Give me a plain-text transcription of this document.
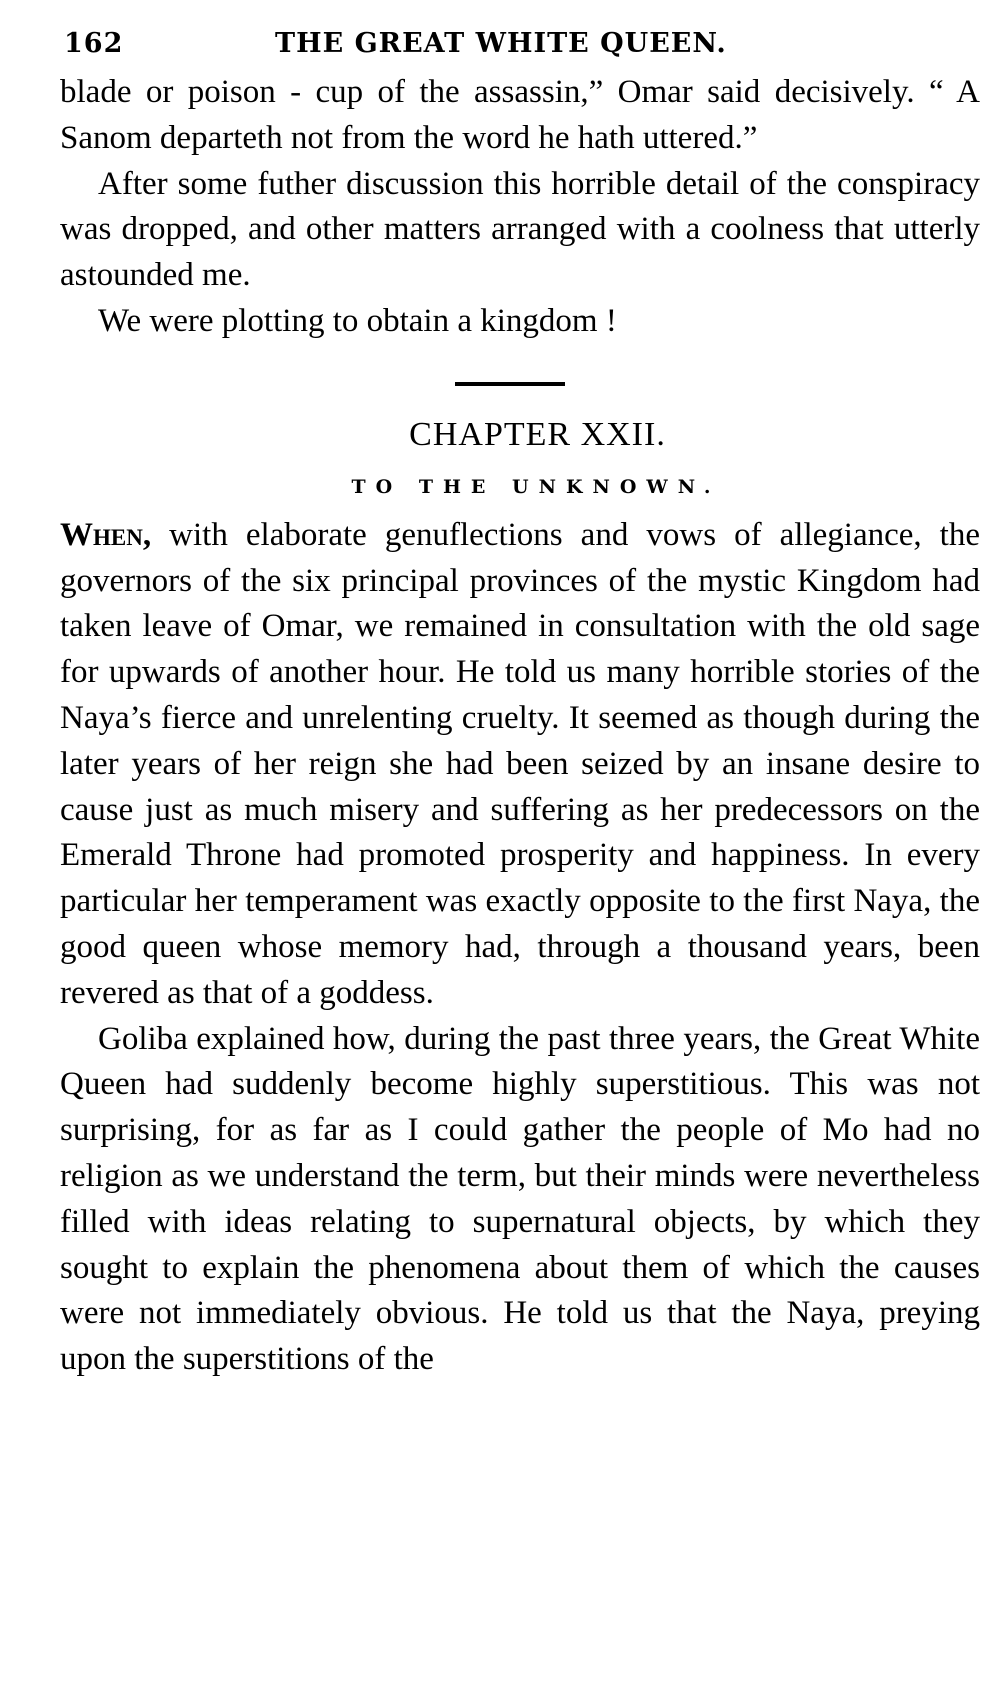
162	THE GREAT WHITE QUEEN.

blade or poison - cup of the assassin,” Omar said decisively. “ A Sanom departeth not from the word he hath uttered.”

After some futher discussion this horrible detail of the conspiracy was dropped, and other matters arranged with a coolness that utterly astounded me.

We were plotting to obtain a kingdom !

CHAPTER XXII.
TO THE UNKNOWN.

When, with elaborate genuflections and vows of allegiance, the governors of the six principal provinces of the mystic Kingdom had taken leave of Omar, we remained in consultation with the old sage for upwards of another hour. He told us many horrible stories of the Naya’s fierce and unrelenting cruelty. It seemed as though during the later years of her reign she had been seized by an insane desire to cause just as much misery and suffering as her predecessors on the Emerald Throne had promoted prosperity and happiness. In every particular her temperament was exactly opposite to the first Naya, the good queen whose memory had, through a thousand years, been revered as that of a goddess.

Goliba explained how, during the past three years, the Great White Queen had suddenly become highly superstitious. This was not surprising, for as far as I could gather the people of Mo had no religion as we understand the term, but their minds were nevertheless filled with ideas relating to supernatural objects, by which they sought to explain the phenomena about them of which the causes were not immediately obvious. He told us that the Naya, preying upon the superstitions of the
